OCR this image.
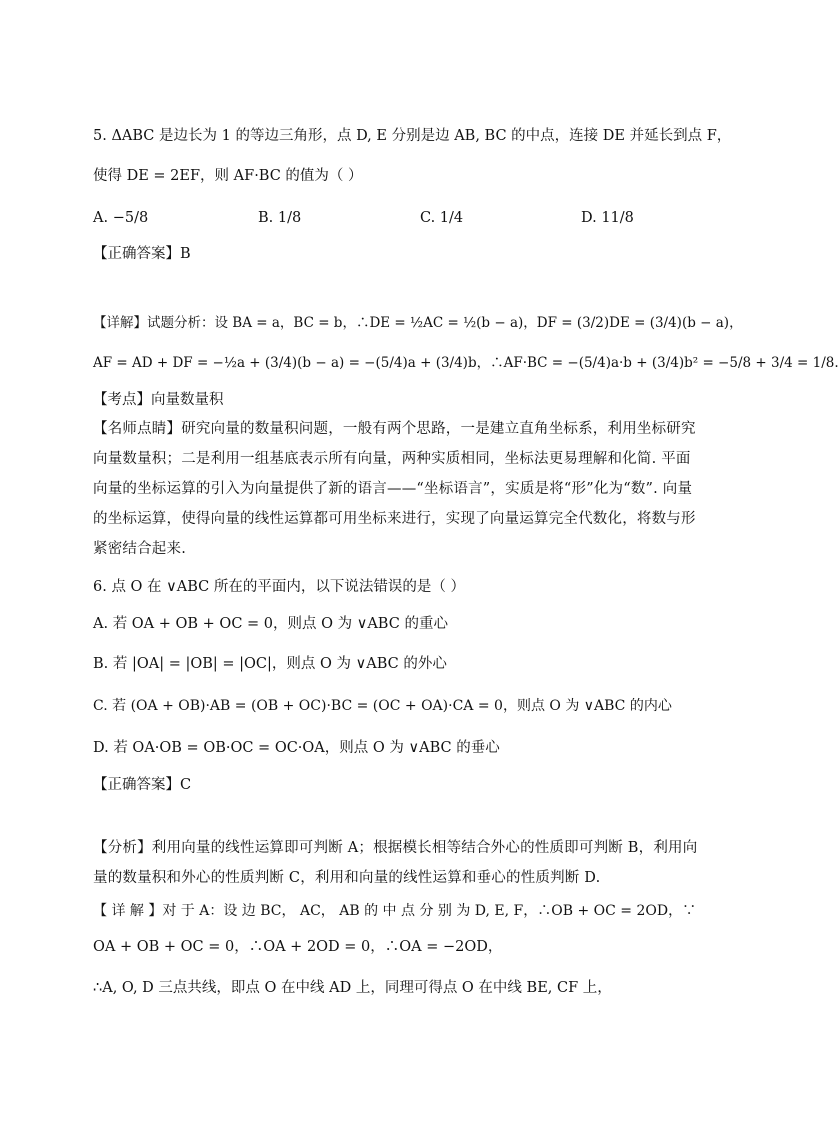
5. ΔABC 是边长为 1 的等边三角形，点 D, E 分别是边 AB, BC 的中点，连接 DE 并延长到点 F，
使得 DE = 2EF，则 AF·BC 的值为（ ）
A. −5/8	B. 1/8	C. 1/4	D. 11/8
【正确答案】B
【详解】试题分析：设 BA = a，BC = b，∴DE = ½AC = ½(b − a)，DF = (3/2)DE = (3/4)(b − a)，
AF = AD + DF = −½a + (3/4)(b − a) = −(5/4)a + (3/4)b，∴AF·BC = −(5/4)a·b + (3/4)b² = −5/8 + 3/4 = 1/8.
【考点】向量数量积
【名师点睛】研究向量的数量积问题，一般有两个思路，一是建立直角坐标系，利用坐标研究向量数量积；二是利用一组基底表示所有向量，两种实质相同，坐标法更易理解和化简. 平面向量的坐标运算的引入为向量提供了新的语言——“坐标语言”，实质是将“形”化为“数”. 向量的坐标运算，使得向量的线性运算都可用坐标来进行，实现了向量运算完全代数化，将数与形紧密结合起来.
6. 点 O 在 ∨ABC 所在的平面内，以下说法错误的是（ ）
A. 若 OA + OB + OC = 0，则点 O 为 ∨ABC 的重心
B. 若 |OA| = |OB| = |OC|，则点 O 为 ∨ABC 的外心
C. 若 (OA + OB)·AB = (OB + OC)·BC = (OC + OA)·CA = 0，则点 O 为 ∨ABC 的内心
D. 若 OA·OB = OB·OC = OC·OA，则点 O 为 ∨ABC 的垂心
【正确答案】C
【分析】利用向量的线性运算即可判断 A；根据模长相等结合外心的性质即可判断 B，利用向量的数量积和外心的性质判断 C，利用和向量的线性运算和垂心的性质判断 D.
【 详 解 】对 于 A：设 边 BC， AC， AB 的 中 点 分 别 为 D, E, F，∴OB + OC = 2OD，∵
OA + OB + OC = 0，∴OA + 2OD = 0，∴OA = −2OD，
∴A, O, D 三点共线，即点 O 在中线 AD 上，同理可得点 O 在中线 BE, CF 上，
